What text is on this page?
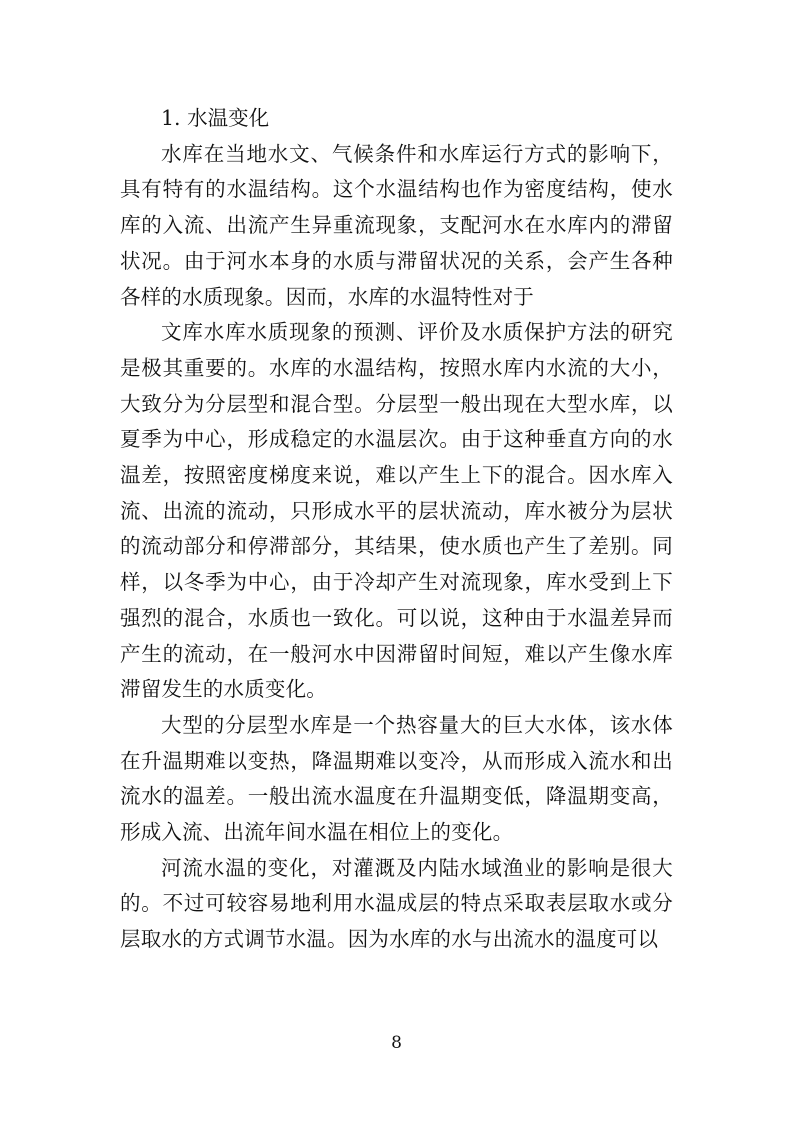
1. 水温变化

水库在当地水文、气候条件和水库运行方式的影响下，具有特有的水温结构。这个水温结构也作为密度结构，使水库的入流、出流产生异重流现象，支配河水在水库内的滞留状况。由于河水本身的水质与滞留状况的关系，会产生各种各样的水质现象。因而，水库的水温特性对于

文库水库水质现象的预测、评价及水质保护方法的研究是极其重要的。水库的水温结构，按照水库内水流的大小，大致分为分层型和混合型。分层型一般出现在大型水库，以夏季为中心，形成稳定的水温层次。由于这种垂直方向的水温差，按照密度梯度来说，难以产生上下的混合。因水库入流、出流的流动，只形成水平的层状流动，库水被分为层状的流动部分和停滞部分，其结果，使水质也产生了差别。同样，以冬季为中心，由于冷却产生对流现象，库水受到上下强烈的混合，水质也一致化。可以说，这种由于水温差异而产生的流动，在一般河水中因滞留时间短，难以产生像水库滞留发生的水质变化。

大型的分层型水库是一个热容量大的巨大水体，该水体在升温期难以变热，降温期难以变冷，从而形成入流水和出流水的温差。一般出流水温度在升温期变低，降温期变高，形成入流、出流年间水温在相位上的变化。

河流水温的变化，对灌溉及内陆水域渔业的影响是很大的。不过可较容易地利用水温成层的特点采取表层取水或分层取水的方式调节水温。因为水库的水与出流水的温度可以

8
